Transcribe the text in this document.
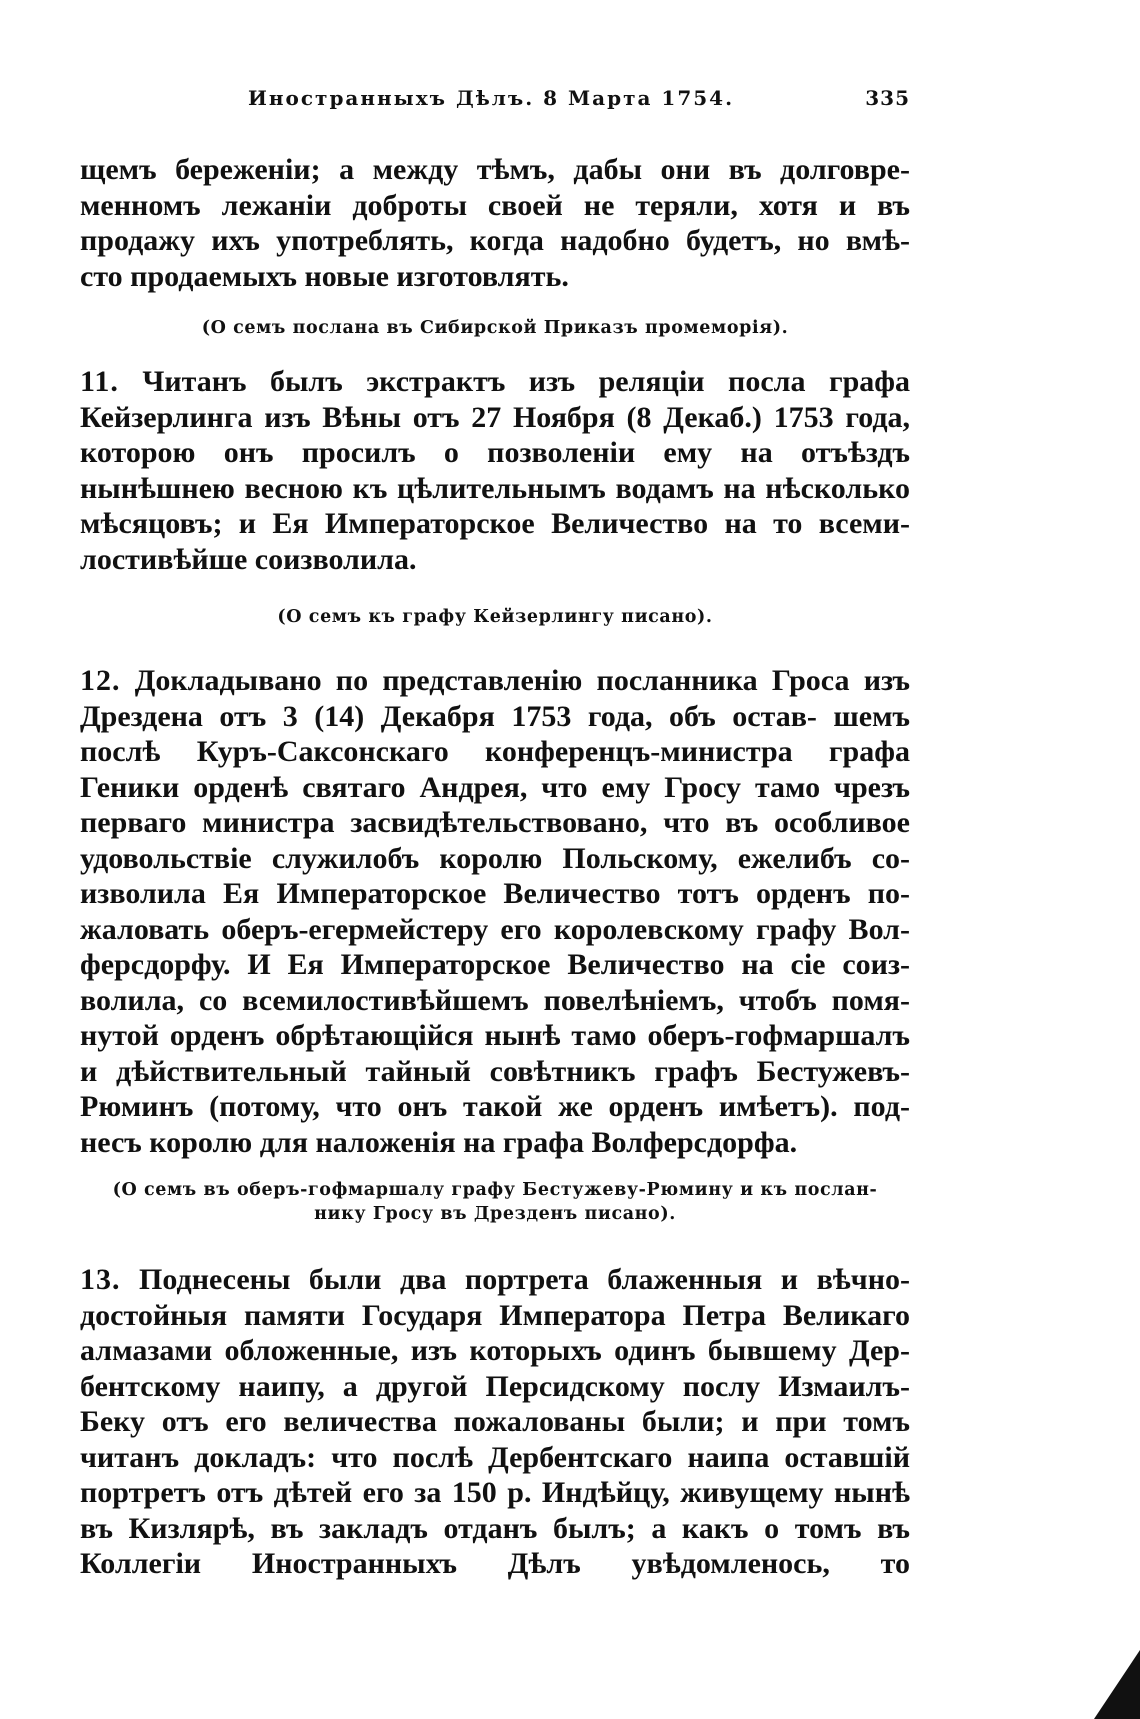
Иностранныхъ Дѣлъ. 8 Марта 1754.	335

щемъ береженіи; а между тѣмъ, дабы они въ долговре- менномъ лежаніи доброты своей не теряли, хотя и въ продажу ихъ употреблять, когда надобно будетъ, но вмѣ-
сто продаемыхъ новые изготовлять.

(О семъ послана въ Сибирской Приказъ промеморія).

11. Читанъ былъ экстрактъ изъ реляціи посла графа Кейзерлинга изъ Вѣны отъ 27 Ноября (8 Декаб.) 1753 года, которою онъ просилъ о позволеніи ему на отъѣздъ нынѣшнею весною къ цѣлительнымъ водамъ на нѣсколько мѣсяцовъ; и Ея Императорское Величество на то всеми-
лостивѣйше соизволила.

(О семъ къ графу Кейзерлингу писано).

12. Докладывано по представленію посланника Гроса изъ Дрездена отъ 3 (14) Декабря 1753 года, объ остав- шемъ послѣ Куръ-Саксонскаго конференцъ-министра графа Геники орденѣ святаго Андрея, что ему Гросу тамо чрезъ перваго министра засвидѣтельствовано, что въ особливое удовольствіе служилобъ королю Польскому, ежелибъ со- изволила Ея Императорское Величество тотъ орденъ по- жаловать оберъ-егермейстеру его королевскому графу Вол- ферсдорфу. И Ея Императорское Величество на сіе соиз- волила, со всемилостивѣйшемъ повелѣніемъ, чтобъ помя- нутой орденъ обрѣтающійся нынѣ тамо оберъ-гофмаршалъ и дѣйствительный тайный совѣтникъ графъ Бестужевъ- Рюминъ (потому, что онъ такой же орденъ имѣетъ). под-
несъ королю для наложенія на графа Волферсдорфа.

(О семъ въ оберъ-гофмаршалу графу Бестужеву-Рюмину и къ послан-
нику Гросу въ Дрезденъ писано).

13. Поднесены были два портрета блаженныя и вѣчно- достойныя памяти Государя Императора Петра Великаго алмазами обложенные, изъ которыхъ одинъ бывшему Дер- бентскому наипу, а другой Персидскому послу Измаилъ- Беку отъ его величества пожалованы были; и при томъ читанъ докладъ: что послѣ Дербентскаго наипа оставшій портретъ отъ дѣтей его за 150 р. Индѣйцу, живущему нынѣ въ Кизлярѣ, въ закладъ отданъ былъ; а какъ о томъ въ Коллегіи Иностранныхъ Дѣлъ увѣдомленось, то
